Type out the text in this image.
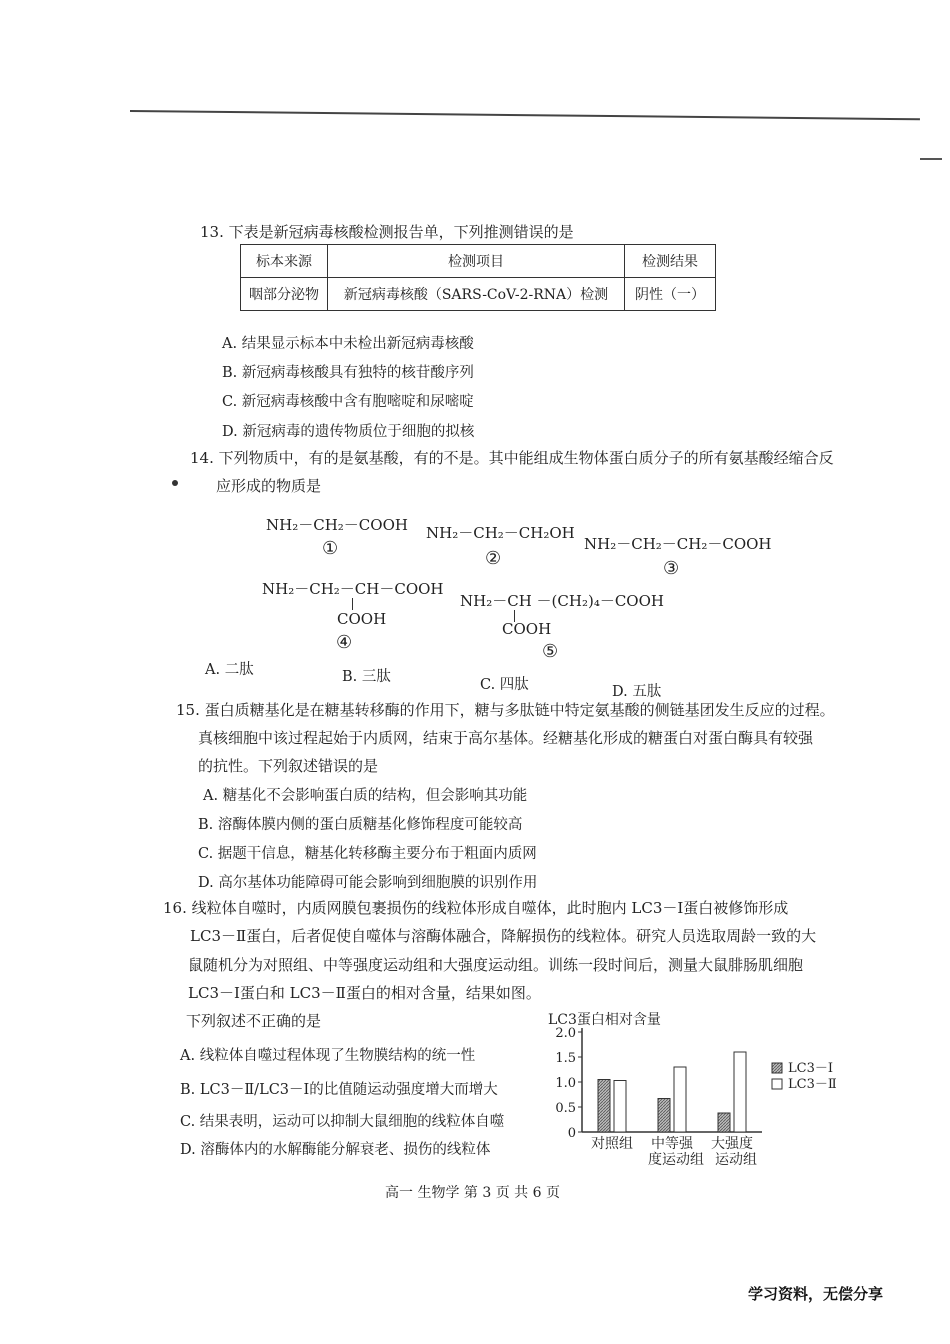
13. 下表是新冠病毒核酸检测报告单，下列推测错误的是
标本来源	检测项目	检测结果
咽部分泌物	新冠病毒核酸（SARS-CoV-2-RNA）检测	阴性（一）
A. 结果显示标本中未检出新冠病毒核酸
B. 新冠病毒核酸具有独特的核苷酸序列
C. 新冠病毒核酸中含有胞嘧啶和尿嘧啶
D. 新冠病毒的遗传物质位于细胞的拟核
14. 下列物质中，有的是氨基酸，有的不是。其中能组成生物体蛋白质分子的所有氨基酸经缩合反
应形成的物质是
NH₂－CH₂－COOH
①
NH₂－CH₂－CH₂OH
②
NH₂－CH₂－CH₂－COOH
③
NH₂－CH₂－CH－COOH
COOH
④
NH₂－CH －(CH₂)₄－COOH
COOH
⑤
A. 二肽	B. 三肽	C. 四肽	D. 五肽
15. 蛋白质糖基化是在糖基转移酶的作用下，糖与多肽链中特定氨基酸的侧链基团发生反应的过程。
真核细胞中该过程起始于内质网，结束于高尔基体。经糖基化形成的糖蛋白对蛋白酶具有较强
的抗性。下列叙述错误的是
A. 糖基化不会影响蛋白质的结构，但会影响其功能
B. 溶酶体膜内侧的蛋白质糖基化修饰程度可能较高
C. 据题干信息，糖基化转移酶主要分布于粗面内质网
D. 高尔基体功能障碍可能会影响到细胞膜的识别作用
16. 线粒体自噬时，内质网膜包裹损伤的线粒体形成自噬体，此时胞内 LC3－Ⅰ蛋白被修饰形成
LC3－Ⅱ蛋白，后者促使自噬体与溶酶体融合，降解损伤的线粒体。研究人员选取周龄一致的大
鼠随机分为对照组、中等强度运动组和大强度运动组。训练一段时间后，测量大鼠腓肠肌细胞
LC3－Ⅰ蛋白和 LC3－Ⅱ蛋白的相对含量，结果如图。
下列叙述不正确的是
A. 线粒体自噬过程体现了生物膜结构的统一性
B. LC3－Ⅱ/LC3－Ⅰ的比值随运动强度增大而增大
C. 结果表明，运动可以抑制大鼠细胞的线粒体自噬
D. 溶酶体内的水解酶能分解衰老、损伤的线粒体
LC3蛋白相对含量
0
0.5
1.0
1.5
2.0
对照组 中等强
度运动组
大强度
运动组
LC3－Ⅰ
LC3－Ⅱ
高一 生物学 第 3 页 共 6 页
学习资料，无偿分享
